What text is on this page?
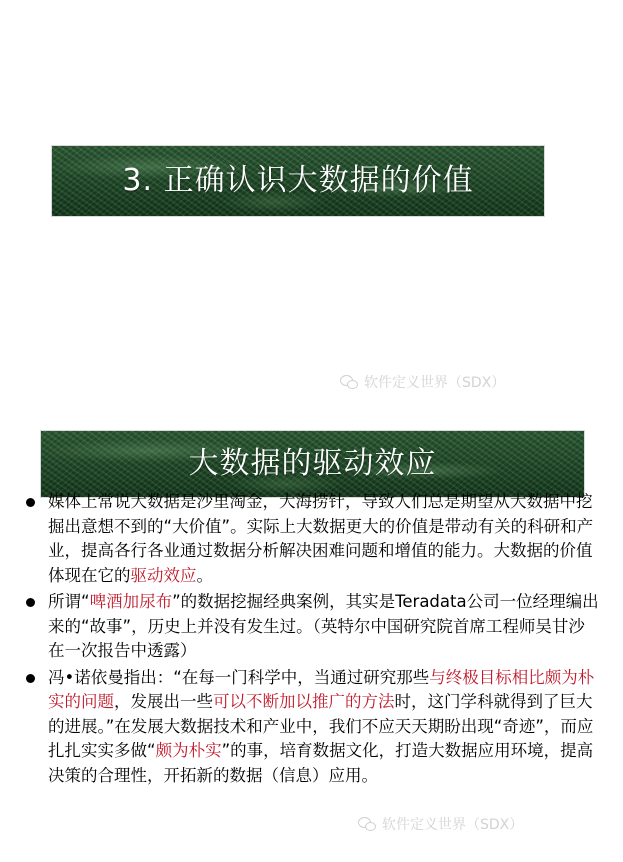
3. 正确认识大数据的价值
软件定义世界（SDX）
大数据的驱动效应
媒体上常说大数据是沙里淘金，大海捞针，导致人们总是期望从大数据中挖掘出意想不到的“大价值”。实际上大数据更大的价值是带动有关的科研和产业，提高各行各业通过数据分析解决困难问题和增值的能力。大数据的价值体现在它的驱动效应。
所谓“啤酒加尿布”的数据挖掘经典案例，其实是Teradata公司一位经理编出来的“故事”，历史上并没有发生过。（英特尔中国研究院首席工程师吴甘沙在一次报告中透露）
冯•诺依曼指出：“在每一门科学中，当通过研究那些与终极目标相比颇为朴实的问题，发展出一些可以不断加以推广的方法时，这门学科就得到了巨大的进展。”在发展大数据技术和产业中，我们不应天天期盼出现“奇迹”，而应扎扎实实多做“颇为朴实”的事，培育数据文化，打造大数据应用环境，提高决策的合理性，开拓新的数据（信息）应用。
软件定义世界（SDX）
